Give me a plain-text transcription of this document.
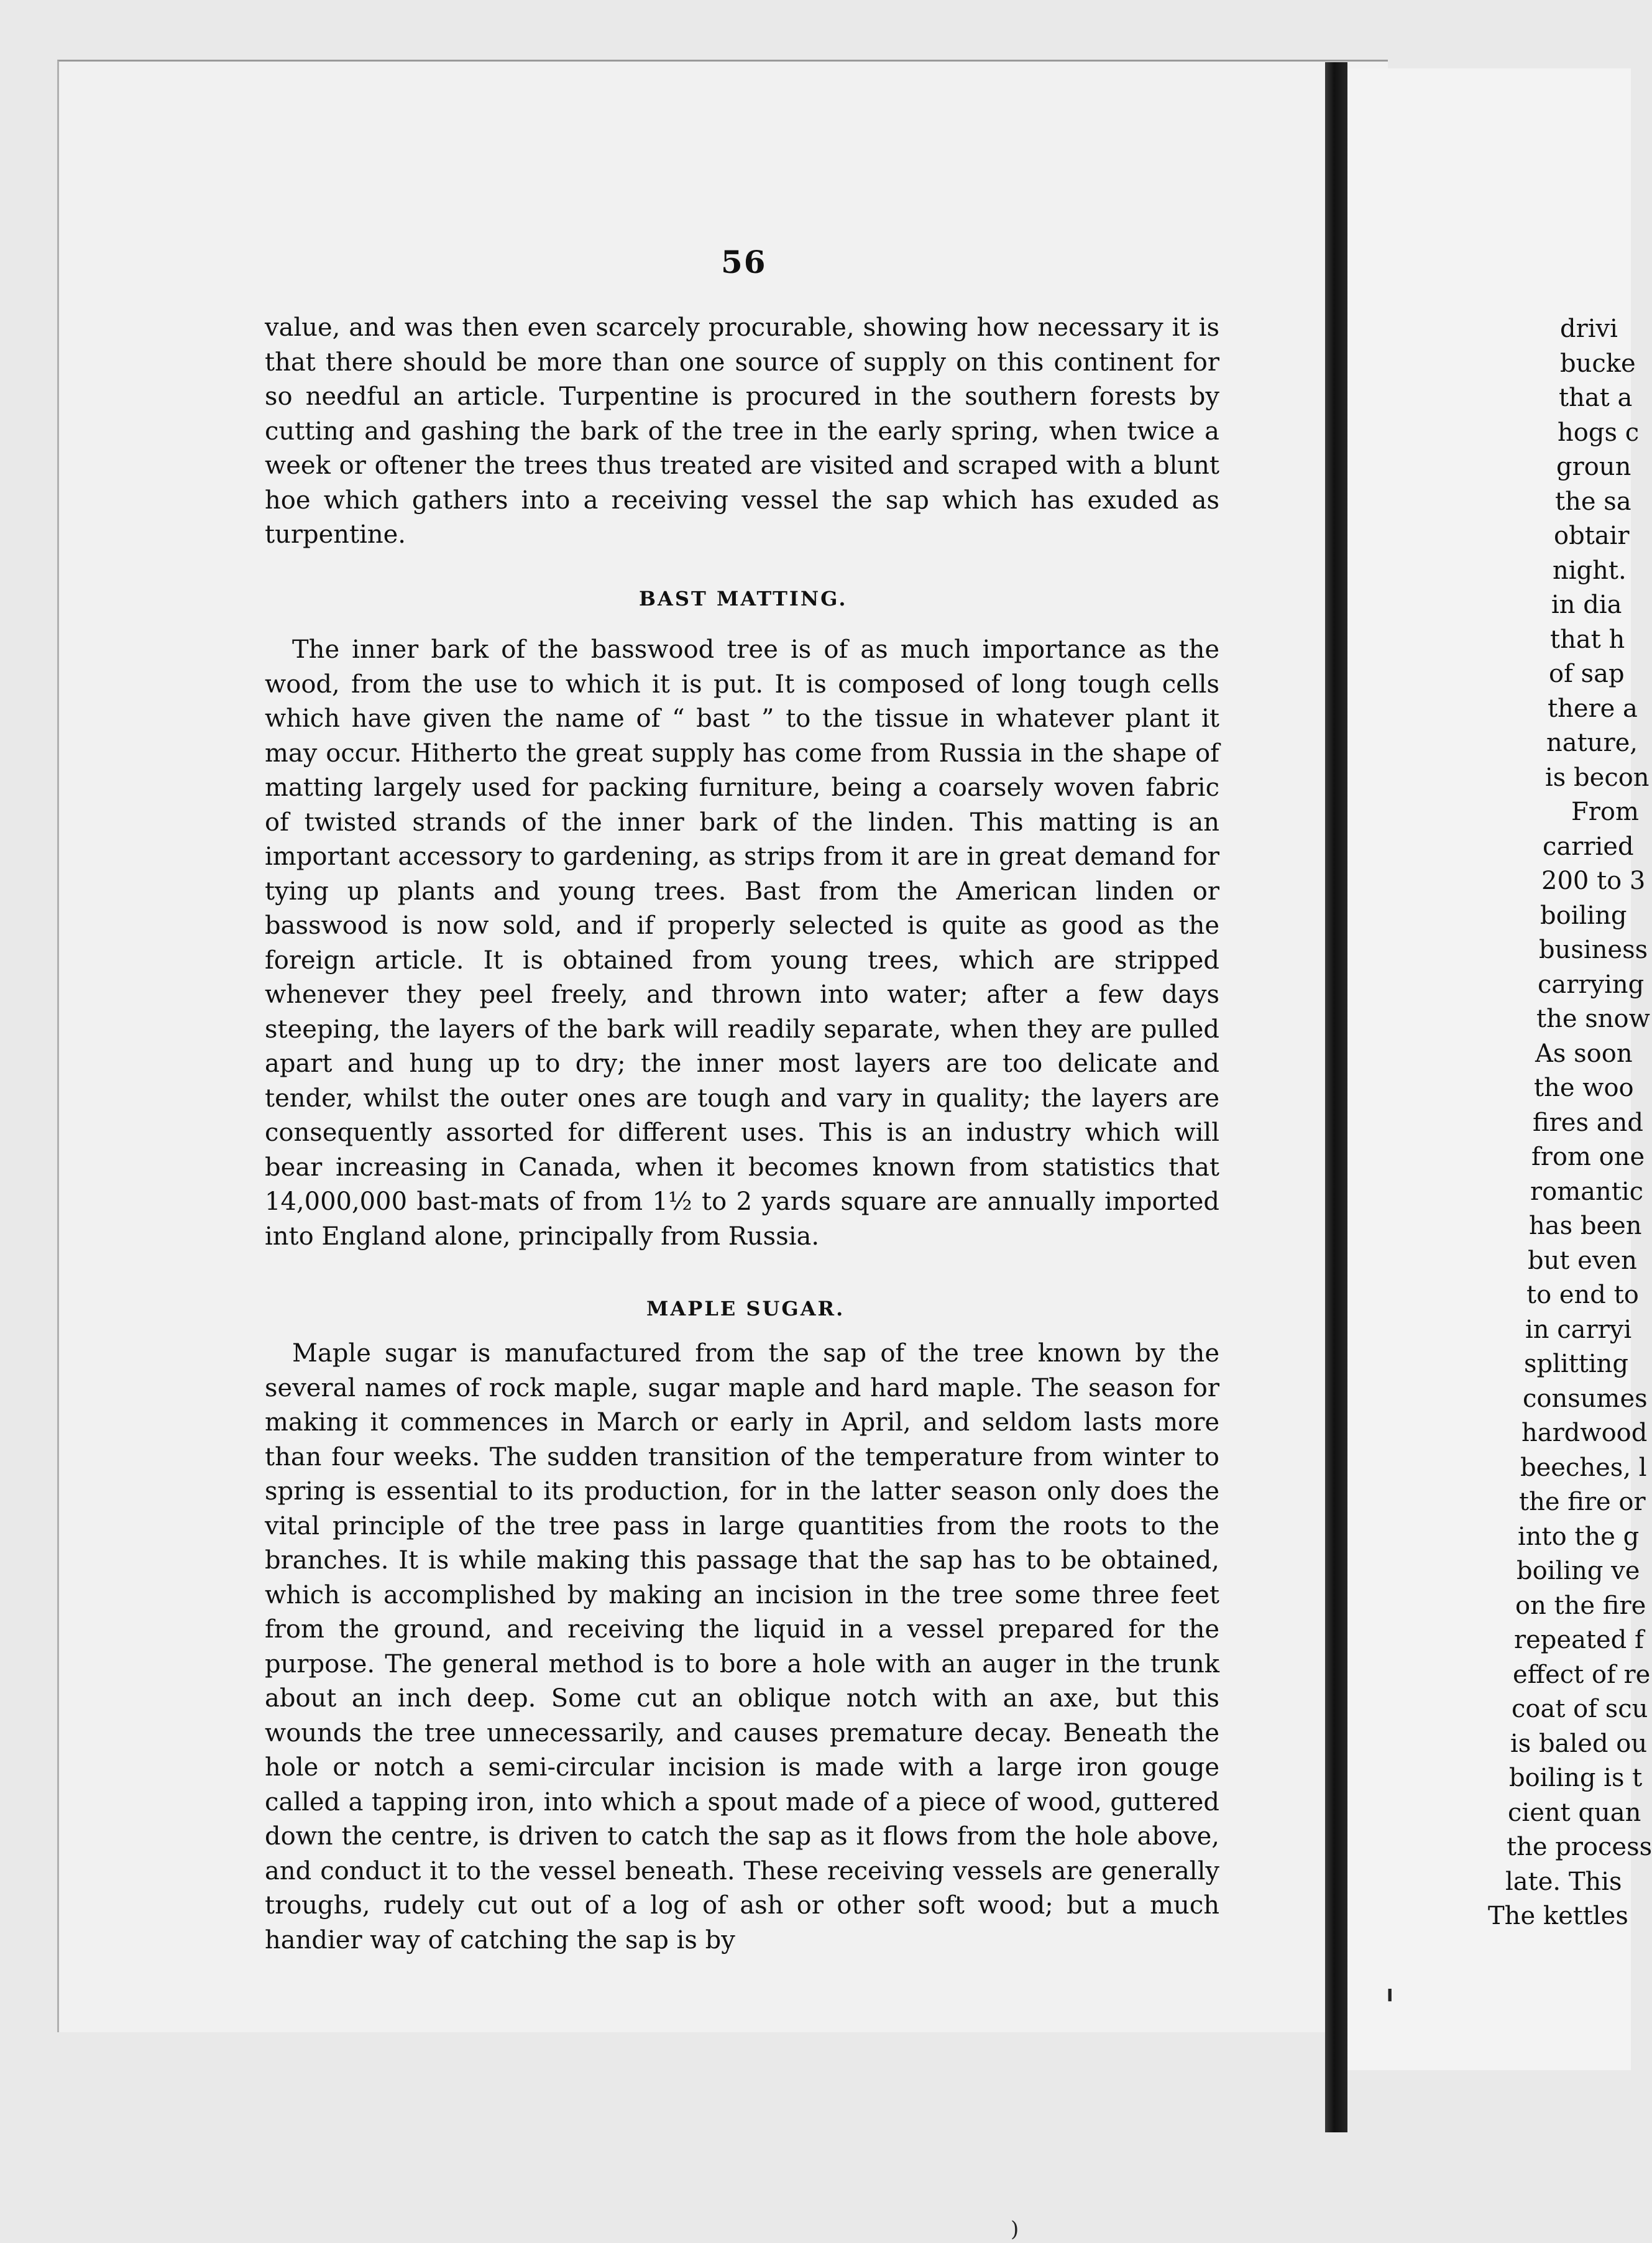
drivi
bucke
that a
hogs c
groun
the sa
obtair
night.
in dia
that h
of sap
there a
nature,
is becon
From
carried
200 to 3
boiling
business
carrying
the snow
As soon
the woo
fires and
from one
romantic
has been
but even
to end to
in carryi
splitting
consumes
hardwood
beeches, l
the fire or
into the g
boiling ve
on the fire
repeated f
effect of re
coat of scu
is baled ou
boiling is t
cient quan
the process
late. This
The kettles
56

value, and was then even scarcely procurable, showing how necessary it is that there should be more than one source of supply on this continent for so needful an article. Turpentine is procured in the southern forests by cutting and gashing the bark of the tree in the early spring, when twice a week or oftener the trees thus treated are visited and scraped with a blunt hoe which gathers into a receiving vessel the sap which has exuded as turpentine.

BAST MATTING.

The inner bark of the basswood tree is of as much importance as the wood, from the use to which it is put. It is composed of long tough cells which have given the name of “ bast ” to the tissue in whatever plant it may occur. Hitherto the great supply has come from Russia in the shape of matting largely used for packing furniture, being a coarsely woven fabric of twisted strands of the inner bark of the linden. This matting is an important accessory to gardening, as strips from it are in great demand for tying up plants and young trees. Bast from the American linden or basswood is now sold, and if properly selected is quite as good as the foreign article. It is obtained from young trees, which are stripped whenever they peel freely, and thrown into water; after a few days steeping, the layers of the bark will readily separate, when they are pulled apart and hung up to dry; the inner most layers are too delicate and tender, whilst the outer ones are tough and vary in quality; the layers are consequently assorted for different uses. This is an industry which will bear increasing in Canada, when it becomes known from statistics that 14,000,000 bast-mats of from 1½ to 2 yards square are annually imported into England alone, principally from Russia.

MAPLE SUGAR.

Maple sugar is manufactured from the sap of the tree known by the several names of rock maple, sugar maple and hard maple. The season for making it commences in March or early in April, and seldom lasts more than four weeks. The sudden transition of the temperature from winter to spring is essential to its production, for in the latter season only does the vital principle of the tree pass in large quantities from the roots to the branches. It is while making this passage that the sap has to be obtained, which is accomplished by making an incision in the tree some three feet from the ground, and receiving the liquid in a vessel prepared for the purpose. The general method is to bore a hole with an auger in the trunk about an inch deep. Some cut an oblique notch with an axe, but this wounds the tree unnecessarily, and causes premature decay. Beneath the hole or notch a semi-circular incision is made with a large iron gouge called a tapping iron, into which a spout made of a piece of wood, guttered down the centre, is driven to catch the sap as it flows from the hole above, and conduct it to the vessel beneath. These receiving vessels are generally troughs, rudely cut out of a log of ash or other soft wood; but a much handier way of catching the sap is by

╹
)
